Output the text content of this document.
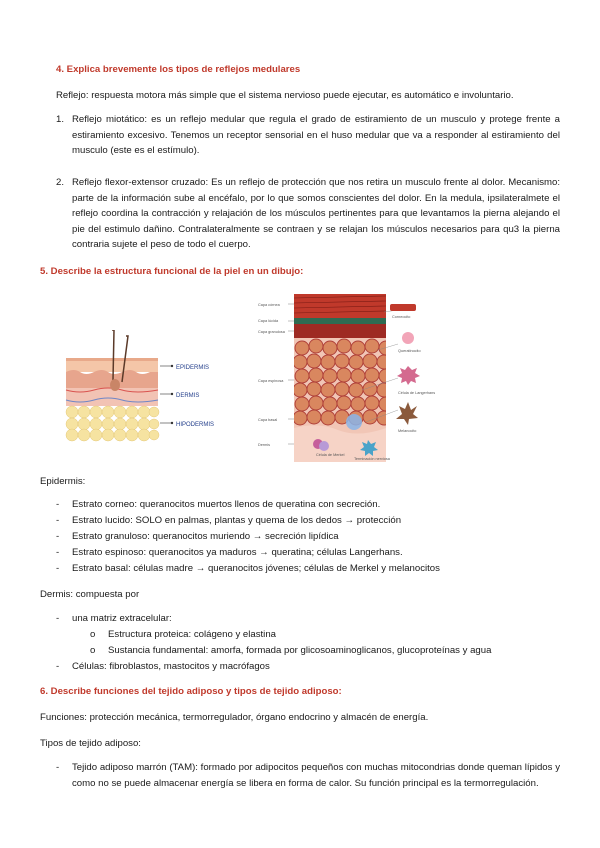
4. Explica brevemente los tipos de reflejos medulares
Reflejo: respuesta motora más simple que el sistema nervioso puede ejecutar, es automático e involuntario.
1. Reflejo miotático: es un reflejo medular que regula el grado de estiramiento de un musculo y protege frente a estiramiento excesivo. Tenemos un receptor sensorial en el huso medular que va a responder al estiramiento del musculo (este es el estímulo).
2. Reflejo flexor-extensor cruzado: Es un reflejo de protección que nos retira un musculo frente al dolor. Mecanismo: parte de la información sube al encéfalo, por lo que somos conscientes del dolor. En la medula, ipsilateralmete el reflejo coordina la contracción y relajación de los músculos pertinentes para que levantamos la pierna alejando el pie del estimulo dañino. Contralateralmente se contraen y se relajan los músculos necesarios para qu3 la pierna contraria sujete el peso de todo el cuerpo.
5. Describe la estructura funcional de la piel en un dibujo:
EPIDERMIS
DERMIS
HIPODERMIS
Capa córnea
Capa lúcida
Capa granulosa
Capa espinosa
Capa basal
Dermis
Corneocito
Queratinocito
Célula de Langerhans
Melanocito
Célula de Merkel
Terminación nerviosa
Epidermis:
- Estrato corneo: queranocitos muertos llenos de queratina con secreción.
- Estrato lucido: SOLO en palmas, plantas y quema de los dedos → protección
- Estrato granuloso: queranocitos muriendo → secreción lipídica
- Estrato espinoso: queranocitos ya maduros → queratina; células Langerhans.
- Estrato basal: células madre → queranocitos jóvenes; células de Merkel y melanocitos
Dermis: compuesta por
- una matriz extracelular:
o Estructura proteica: colágeno y elastina
o Sustancia fundamental: amorfa, formada por glicosoaminoglicanos, glucoproteínas y agua
- Células: fibroblastos, mastocitos y macrófagos
6. Describe funciones del tejido adiposo y tipos de tejido adiposo:
Funciones: protección mecánica, termorregulador, órgano endocrino y almacén de energía.
Tipos de tejido adiposo:
- Tejido adiposo marrón (TAM): formado por adipocitos pequeños con muchas mitocondrias donde queman lípidos y como no se puede almacenar energía se libera en forma de calor. Su función principal es la termorregulación.
